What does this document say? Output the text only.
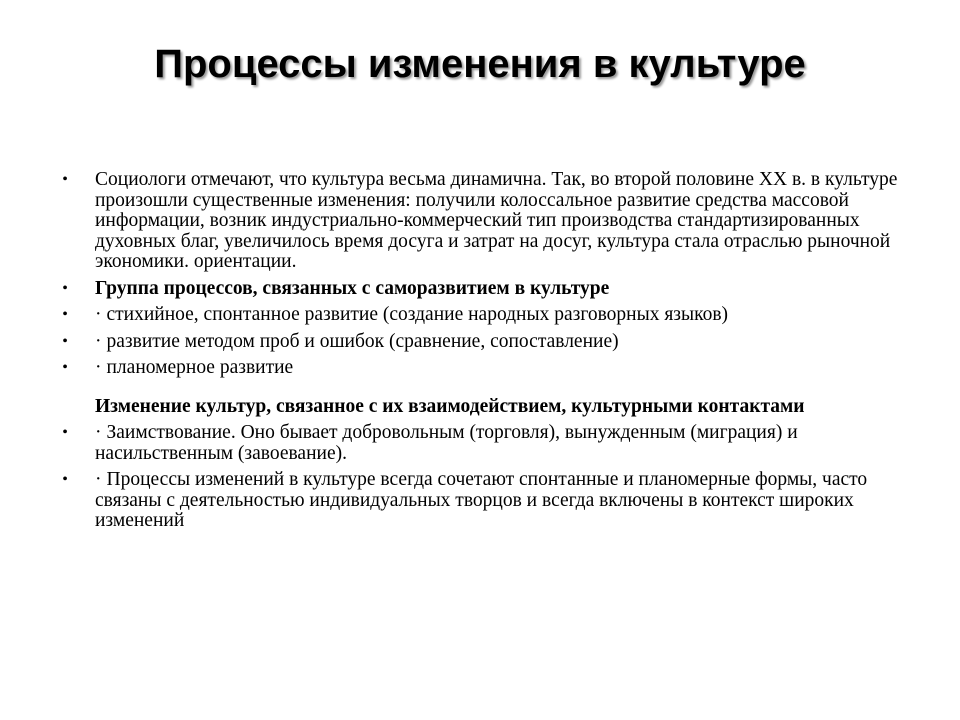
Процессы изменения в культуре
• Социологи отмечают, что культура весьма динамична. Так, во второй половине XX в. в культуре произошли существенные изменения: получили колоссальное развитие средства массовой информации, возник индустриально-коммерческий тип производства стандартизированных духовных благ, увеличилось время досуга и затрат на досуг, культура стала отраслью рыночной экономики. ориентации.
• Группа процессов, связанных с саморазвитием в культуре
• · стихийное, спонтанное развитие (создание народных разговорных языков)
• · развитие методом проб и ошибок (сравнение, сопоставление)
• · планомерное развитие
Изменение культур, связанное с их взаимодействием, культурными контактами
• · Заимствование. Оно бывает добровольным (торговля), вынужденным (миграция) и насильственным (завоевание).
• · Процессы изменений в культуре всегда сочетают спонтанные и планомерные формы, часто связаны с деятельностью индивидуальных творцов и всегда включены в контекст широких изменений
